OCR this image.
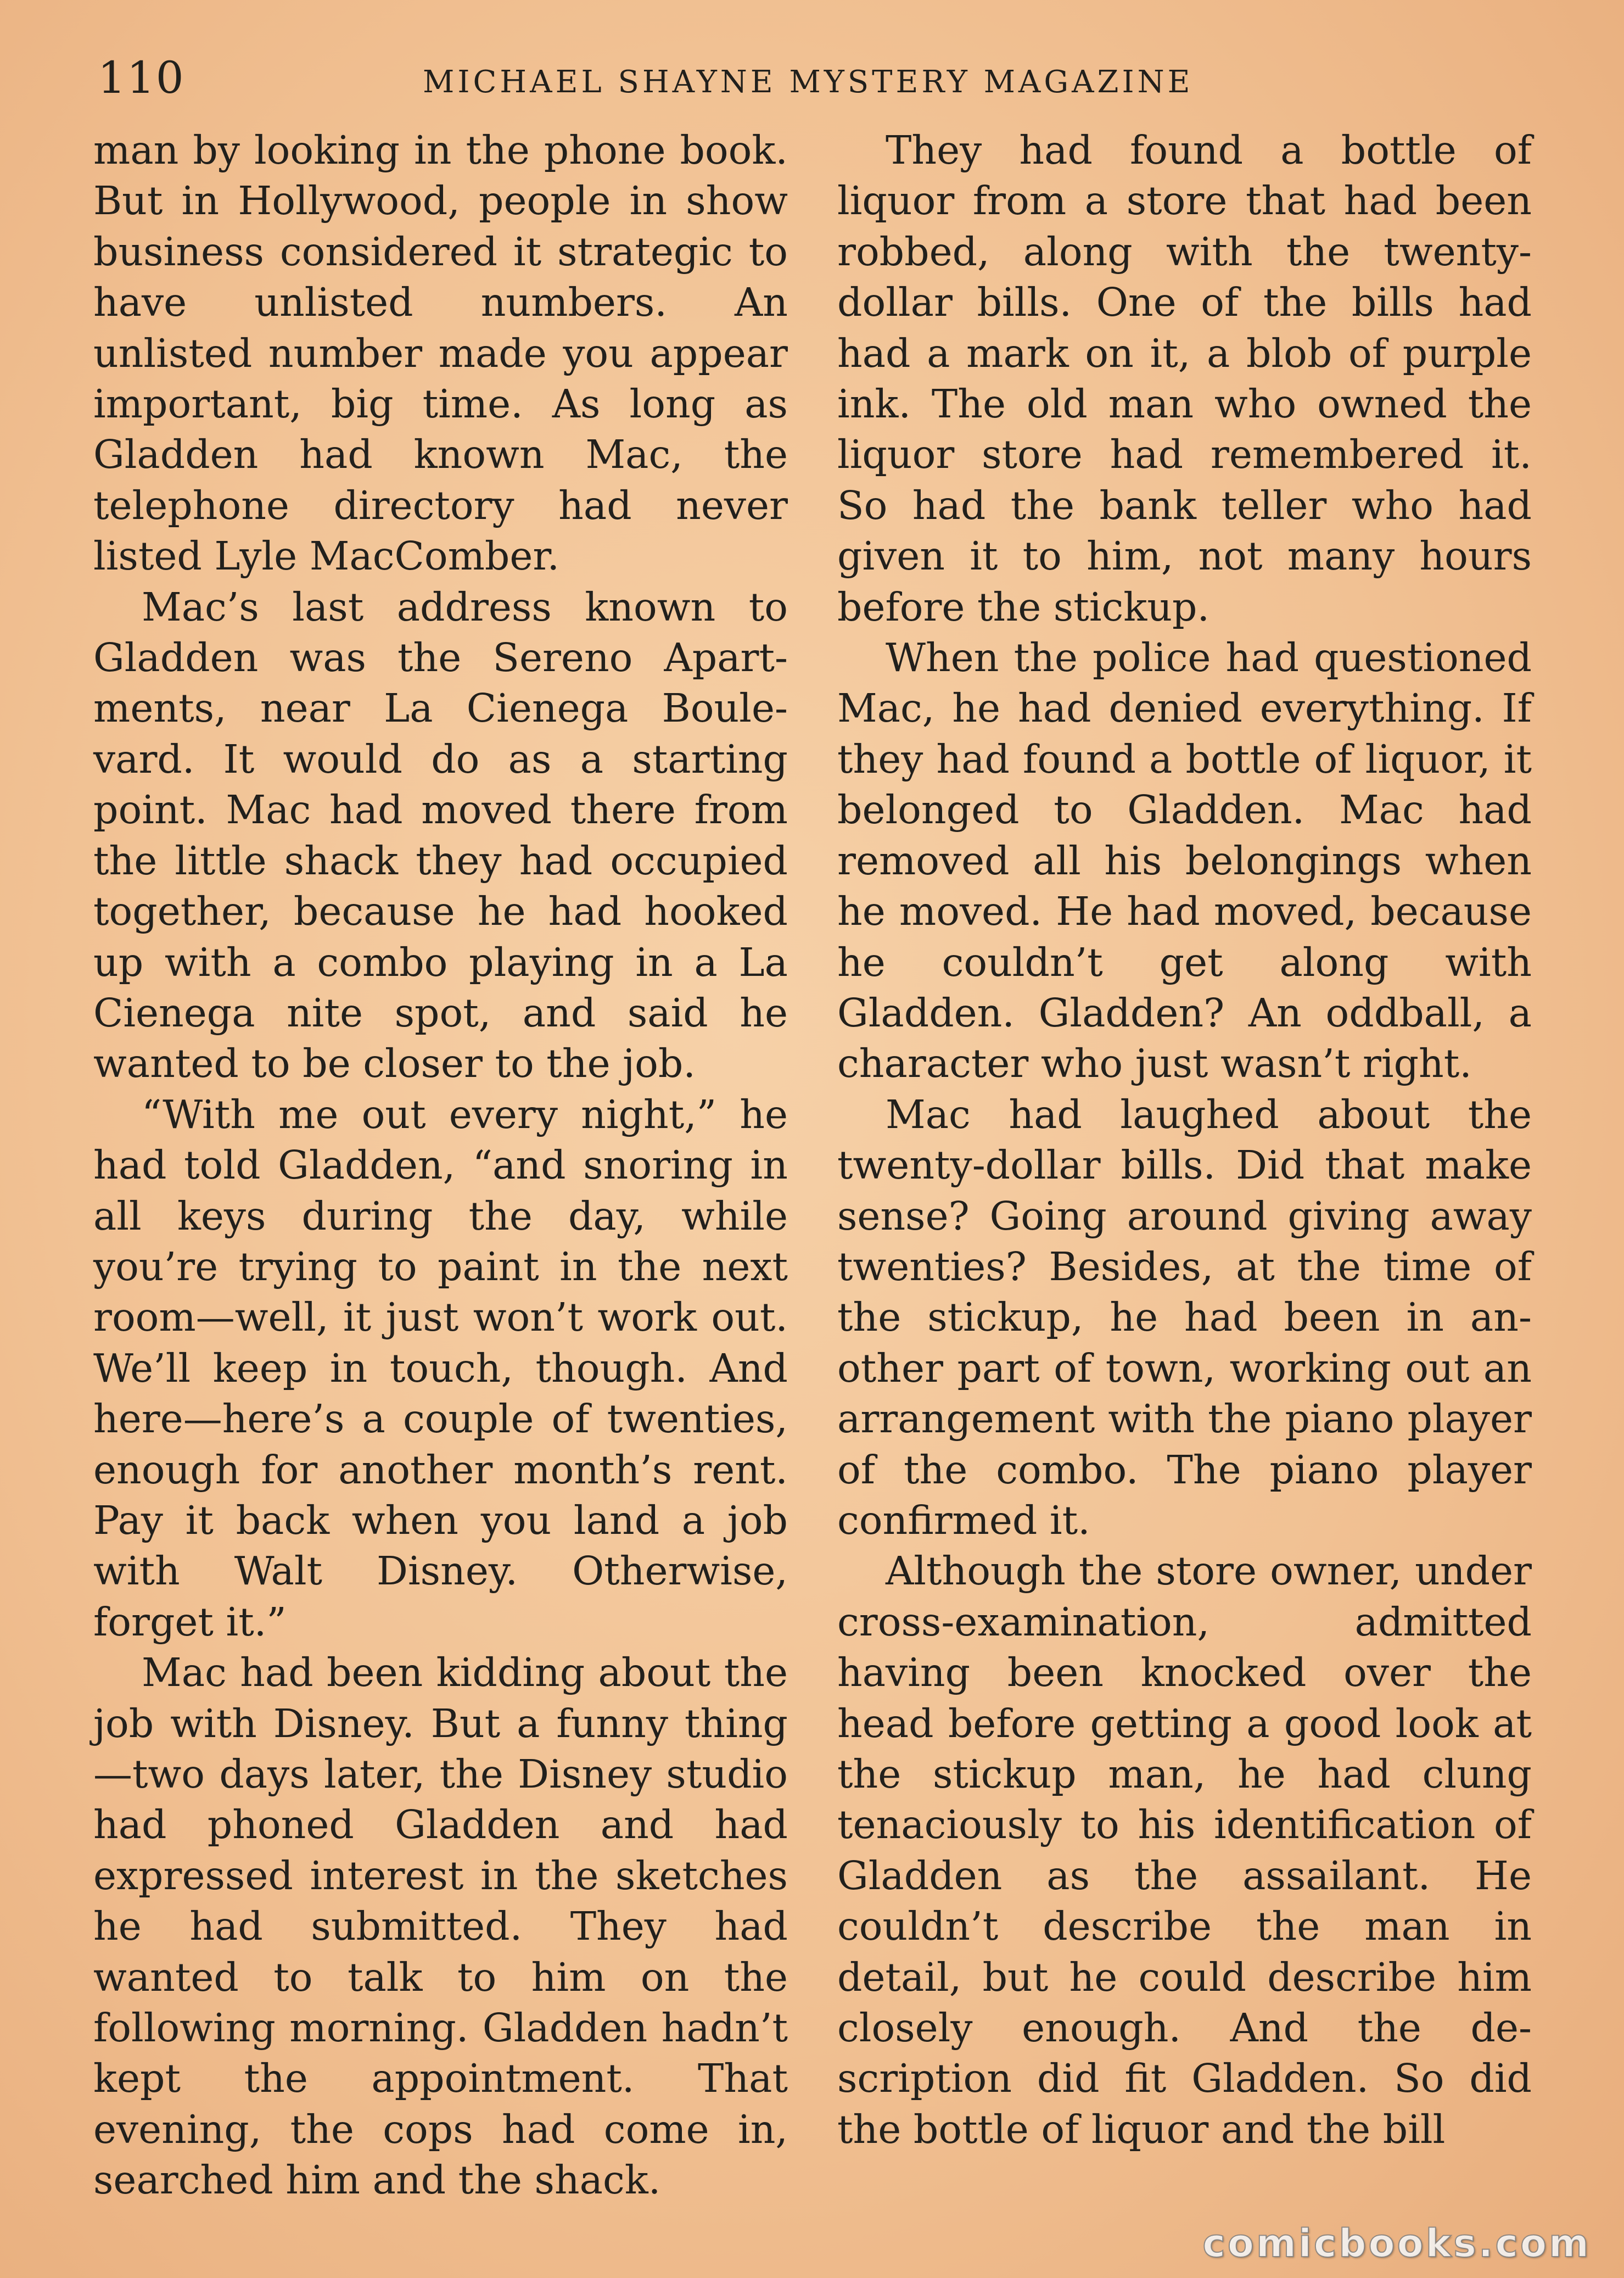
110	MICHAEL SHAYNE MYSTERY MAGAZINE

man by looking in the phone book. But in Hollywood, people in show business considered it strategic to have unlisted numbers. An unlisted number made you appear important, big time. As long as Gladden had known Mac, the telephone directory had never listed Lyle MacComber.

Mac’s last address known to Gladden was the Sereno Apartments, near La Cienega Boulevard. It would do as a starting point. Mac had moved there from the little shack they had occupied together, because he had hooked up with a combo playing in a La Cienega nite spot, and said he wanted to be closer to the job.

“With me out every night,” he had told Gladden, “and snoring in all keys during the day, while you’re trying to paint in the next room—well, it just won’t work out. We’ll keep in touch, though. And here—here’s a couple of twenties, enough for another month’s rent. Pay it back when you land a job with Walt Disney. Otherwise, forget it.”

Mac had been kidding about the job with Disney. But a funny thing—two days later, the Disney studio had phoned Gladden and had expressed interest in the sketches he had submitted. They had wanted to talk to him on the following morning. Gladden hadn’t kept the appointment. That evening, the cops had come in, searched him and the shack.

They had found a bottle of liquor from a store that had been robbed, along with the twenty-dollar bills. One of the bills had had a mark on it, a blob of purple ink. The old man who owned the liquor store had remembered it. So had the bank teller who had given it to him, not many hours before the stickup.

When the police had questioned Mac, he had denied everything. If they had found a bottle of liquor, it belonged to Gladden. Mac had removed all his belongings when he moved. He had moved, because he couldn’t get along with Gladden. Gladden? An oddball, a character who just wasn’t right.

Mac had laughed about the twenty-dollar bills. Did that make sense? Going around giving away twenties? Besides, at the time of the stickup, he had been in another part of town, working out an arrangement with the piano player of the combo. The piano player confirmed it.

Although the store owner, under cross-examination, admitted having been knocked over the head before getting a good look at the stickup man, he had clung tenaciously to his identification of Gladden as the assailant. He couldn’t describe the man in detail, but he could describe him closely enough. And the description did fit Gladden. So did the bottle of liquor and the bill

comicbooks.com
